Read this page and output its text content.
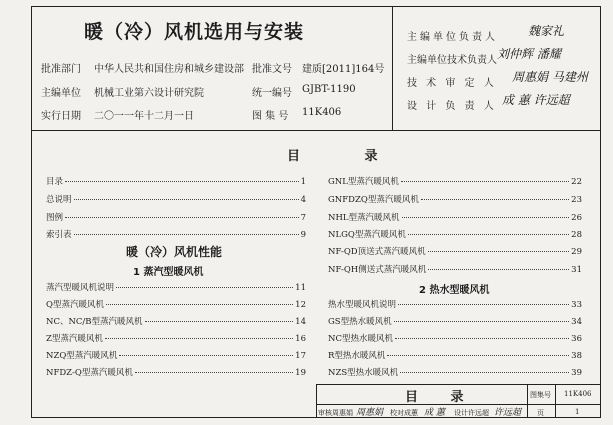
暖（冷）风机选用与安装
批准部门 中华人民共和国住房和城乡建设部 批准文号 建质[2011]164号
主编单位 机械工业第六设计研究院	统一编号 GJBT-1190
实行日期 二〇一一年十二月一日	图 集 号 11K406
主编单位负责人	魏家礼
主编单位技术负责人 刘仲辉 潘耀
技 术 审 定 人 周惠娟 马建州
设 计 负 责 人 成 蕙 许远超
目 录
目录	1
总说明	4
图例	7
索引表	9
暖（冷）风机性能
1 蒸汽型暖风机
蒸汽型暖风机说明	11
Q型蒸汽暖风机	12
NC、NC/B型蒸汽暖风机	14
Z型蒸汽暖风机	16
NZQ型蒸汽暖风机	17
NFDZ-Q型蒸汽暖风机	19
GNL型蒸汽暖风机	22
GNFDZQ型蒸汽暖风机	23
NHL型蒸汽暖风机	26
NLGQ型蒸汽暖风机	28
NF-QD顶送式蒸汽暖风机	29
NF-QH侧送式蒸汽暖风机	31
2 热水型暖风机
热水型暖风机说明	33
GS型热水暖风机	34
NC型热水暖风机	36
R型热水暖风机	38
NZS型热水暖风机	39
目 录	图集号 11K406
审核 周惠娟 周惠娟 校对 成蕙 成 蕙 设计 许远超 许远超 页	1
